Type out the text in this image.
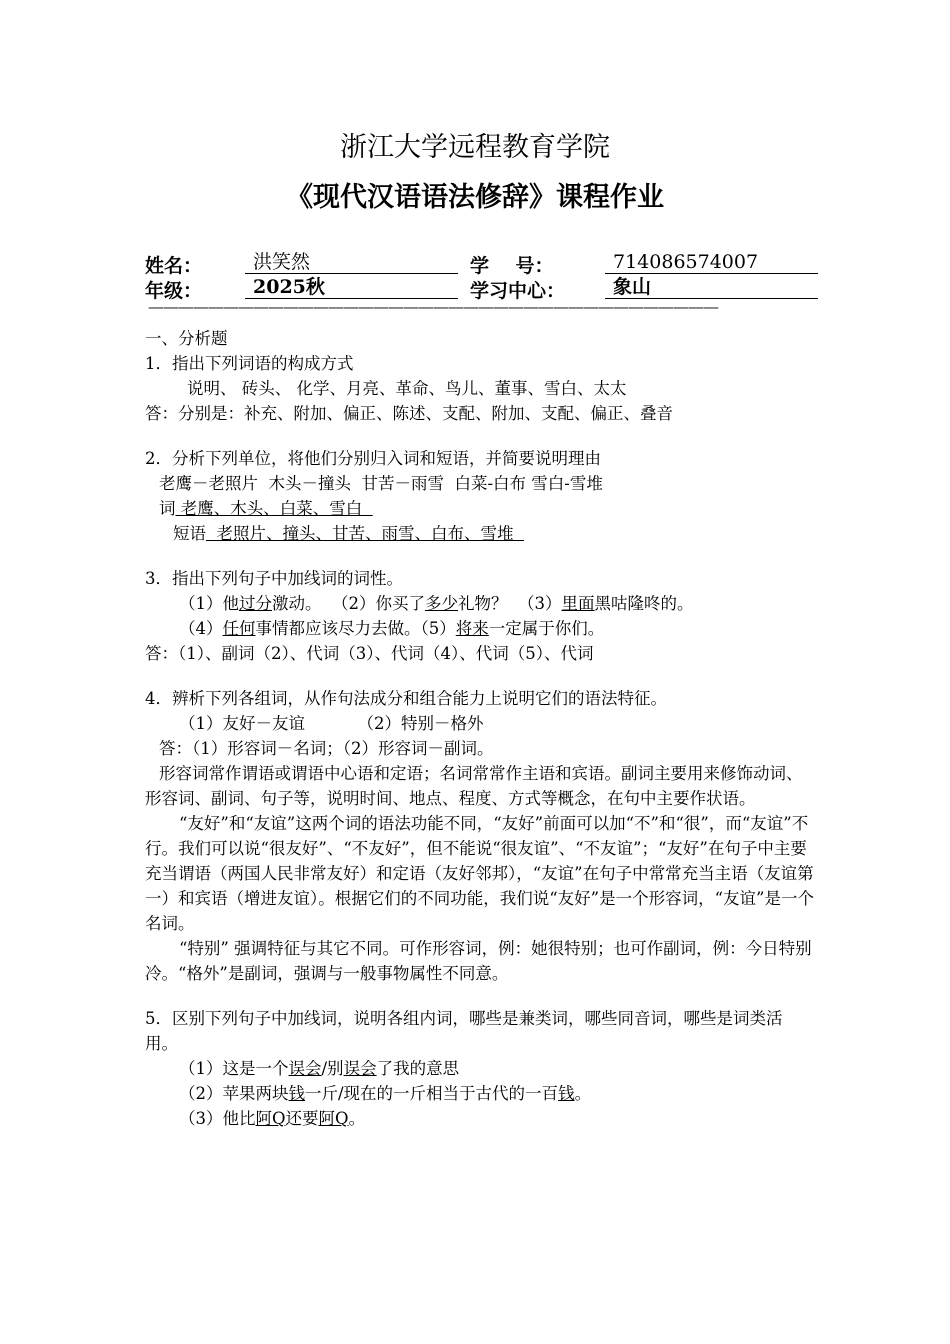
浙江大学远程教育学院
《现代汉语语法修辞》课程作业
姓名：	洪笑然	学    号：	714086574007
年级：	2025秋	学习中心：	象山
——————————————————————————————————————
一、分析题
1．指出下列词语的构成方式
说明、 砖头、 化学、月亮、革命、鸟儿、董事、雪白、太太
答：分别是：补充、附加、偏正、陈述、支配、附加、支配、偏正、叠音
2．分析下列单位，将他们分别归入词和短语，并简要说明理由
老鹰－老照片  木头－撞头  甘苦－雨雪  白菜-白布 雪白-雪堆
词 老鹰、木头、白菜、雪白
短语  老照片、撞头、甘苦、雨雪、白布、雪堆
3．指出下列句子中加线词的词性。
（1）他过分激动。  （2）你买了多少礼物？  （3）里面黑咕隆咚的。
（4）任何事情都应该尽力去做。（5）将来一定属于你们。
答：（1）、副词（2）、代词（3）、代词（4）、代词（5）、代词
4．辨析下列各组词，从作句法成分和组合能力上说明它们的语法特征。
（1）友好－友谊          （2）特别－格外
答：（1）形容词－名词；（2）形容词－副词。
形容词常作谓语或谓语中心语和定语；名词常常作主语和宾语。副词主要用来修饰动词、形容词、副词、句子等，说明时间、地点、程度、方式等概念，在句中主要作状语。
“友好”和“友谊”这两个词的语法功能不同，“友好”前面可以加“不”和“很”，而“友谊”不行。我们可以说“很友好”、“不友好”，但不能说“很友谊”、“不友谊”；“友好”在句子中主要充当谓语（两国人民非常友好）和定语（友好邻邦），“友谊”在句子中常常充当主语（友谊第一）和宾语（增进友谊）。根据它们的不同功能，我们说“友好”是一个形容词，“友谊”是一个名词。
“特别” 强调特征与其它不同。可作形容词，例：她很特别；也可作副词，例：今日特别冷。“格外”是副词，强调与一般事物属性不同意。
5．区别下列句子中加线词，说明各组内词，哪些是兼类词，哪些同音词，哪些是词类活用。
（1）这是一个误会/别误会了我的意思
（2）苹果两块钱一斤/现在的一斤相当于古代的一百钱。
（3）他比阿Q还要阿Q。
